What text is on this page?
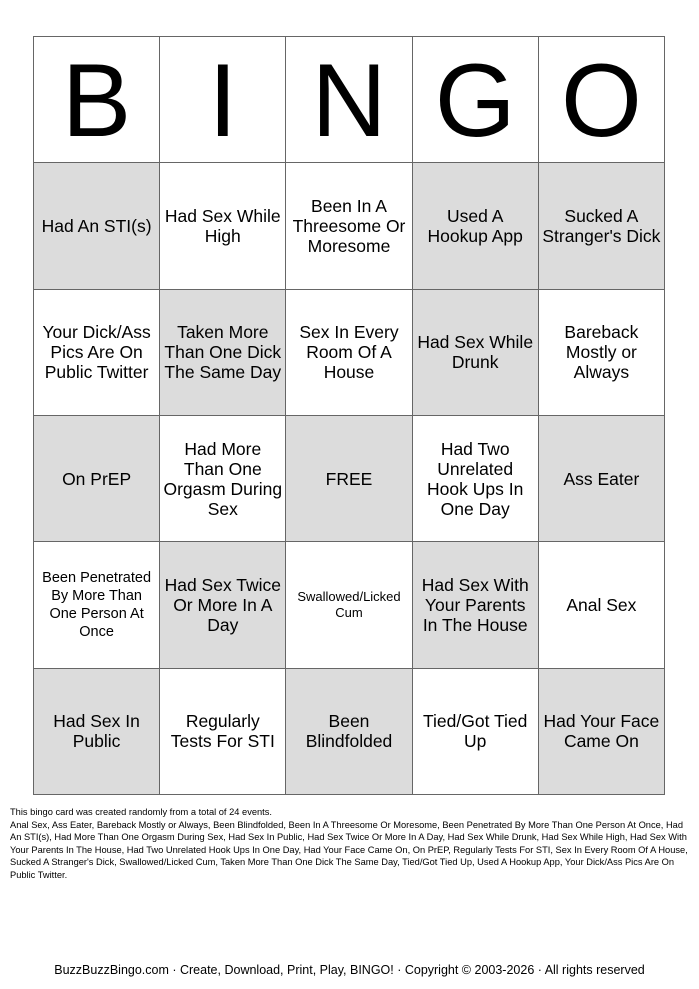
B I N G O
Had An STI(s) Had Sex While High
Been In A Threesome Or Moresome
Used A Hookup App
Sucked A Stranger's Dick
Your Dick/Ass Pics Are On Public Twitter
Taken More Than One Dick The Same Day
Sex In Every Room Of A House
Had Sex While Drunk
Bareback Mostly or Always
On PrEP
Had More Than One Orgasm During Sex
FREE
Had Two Unrelated Hook Ups In One Day
Ass Eater
Been Penetrated By More Than One Person At Once
Had Sex Twice Or More In A Day
Swallowed/Licked Cum
Had Sex With Your Parents In The House
Anal Sex
Had Sex In Public
Regularly Tests For STI
Been Blindfolded
Tied/Got Tied Up
Had Your Face Came On
This bingo card was created randomly from a total of 24 events.
Anal Sex, Ass Eater, Bareback Mostly or Always, Been Blindfolded, Been In A Threesome Or Moresome, Been Penetrated By More Than One Person At Once, Had An STI(s), Had More Than One Orgasm During Sex, Had Sex In Public, Had Sex Twice Or More In A Day, Had Sex While Drunk, Had Sex While High, Had Sex With Your Parents In The House, Had Two Unrelated Hook Ups In One Day, Had Your Face Came On, On PrEP, Regularly Tests For STI, Sex In Every Room Of A House, Sucked A Stranger's Dick, Swallowed/Licked Cum, Taken More Than One Dick The Same Day, Tied/Got Tied Up, Used A Hookup App, Your Dick/Ass Pics Are On Public Twitter.
BuzzBuzzBingo.com · Create, Download, Print, Play, BINGO! · Copyright © 2003-2026 · All rights reserved
